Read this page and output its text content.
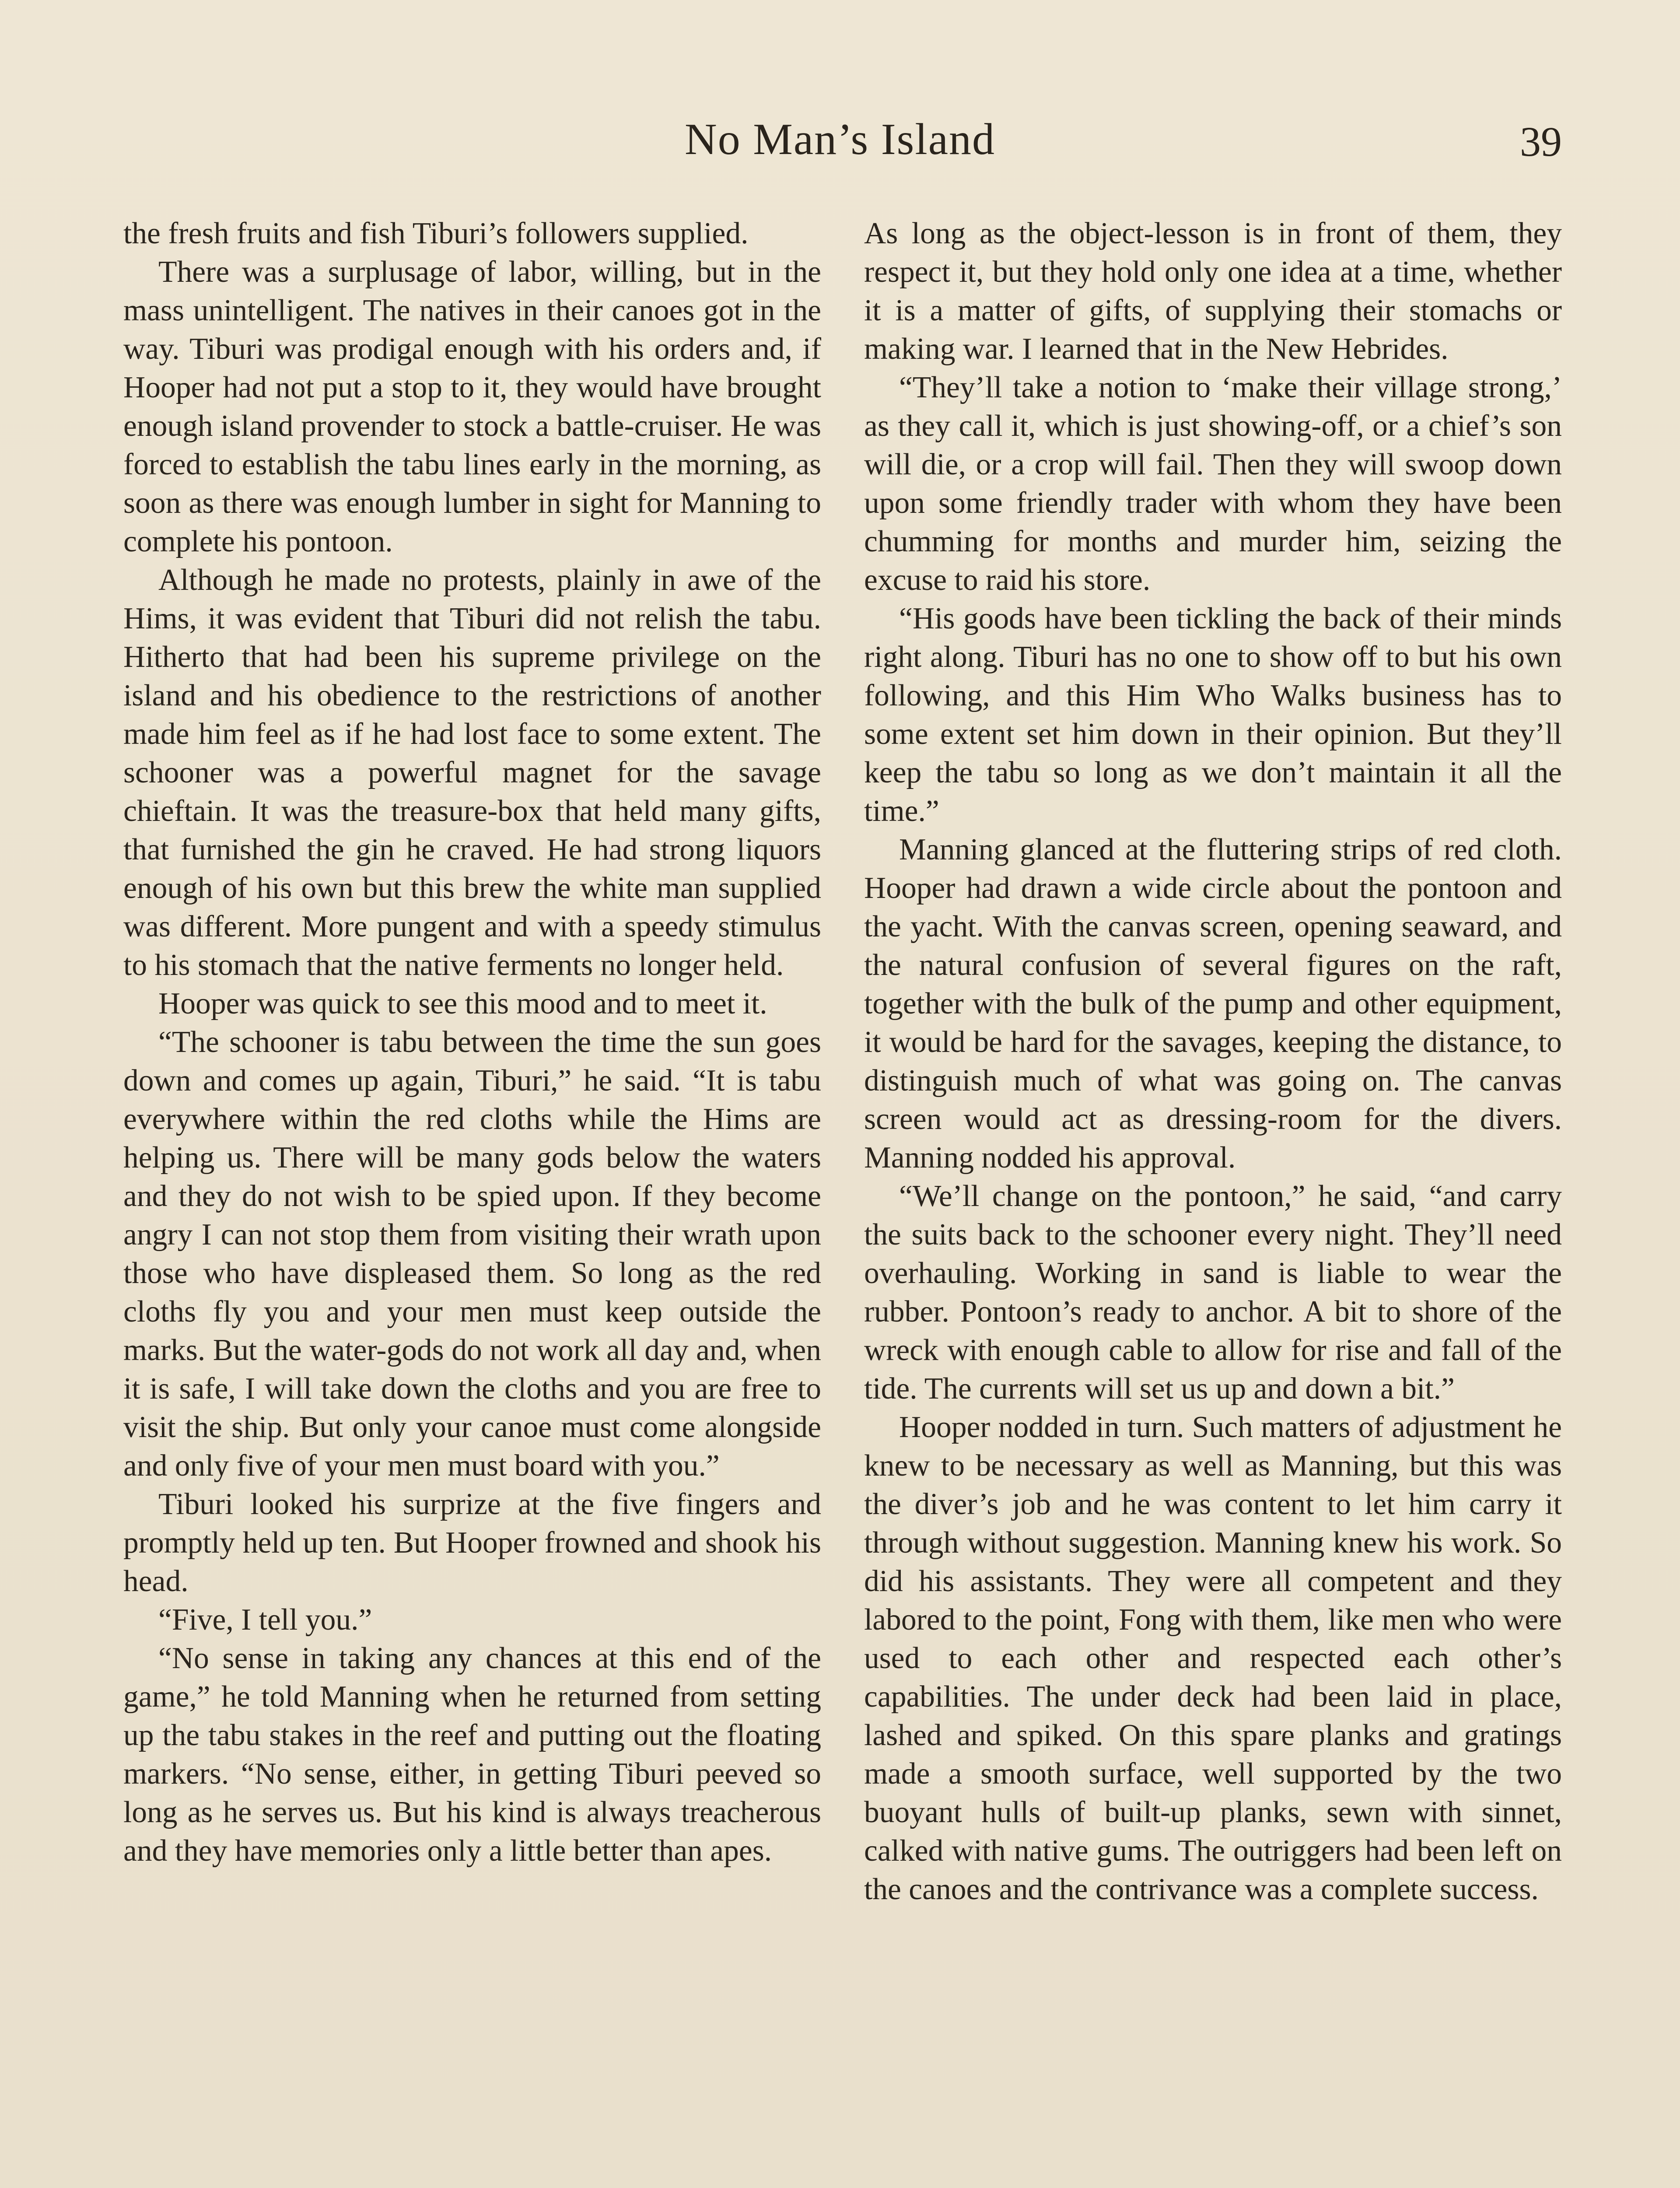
No Man’s Island	39

the fresh fruits and fish Tiburi’s followers supplied.

There was a surplusage of labor, willing, but in the mass unintelligent. The natives in their canoes got in the way. Tiburi was prodigal enough with his orders and, if Hooper had not put a stop to it, they would have brought enough island provender to stock a battle-cruiser. He was forced to establish the tabu lines early in the morning, as soon as there was enough lumber in sight for Manning to complete his pontoon.

Although he made no protests, plainly in awe of the Hims, it was evident that Tiburi did not relish the tabu. Hitherto that had been his supreme privilege on the island and his obedience to the restrictions of another made him feel as if he had lost face to some extent. The schooner was a powerful magnet for the savage chieftain. It was the treasure-box that held many gifts, that furnished the gin he craved. He had strong liquors enough of his own but this brew the white man supplied was different. More pungent and with a speedy stimulus to his stomach that the native ferments no longer held.

Hooper was quick to see this mood and to meet it.

“The schooner is tabu between the time the sun goes down and comes up again, Tiburi,” he said. “It is tabu everywhere within the red cloths while the Hims are helping us. There will be many gods below the waters and they do not wish to be spied upon. If they become angry I can not stop them from visiting their wrath upon those who have displeased them. So long as the red cloths fly you and your men must keep outside the marks. But the water-gods do not work all day and, when it is safe, I will take down the cloths and you are free to visit the ship. But only your canoe must come alongside and only five of your men must board with you.”

Tiburi looked his surprize at the five fingers and promptly held up ten. But Hooper frowned and shook his head.

“Five, I tell you.”

“No sense in taking any chances at this end of the game,” he told Manning when he returned from setting up the tabu stakes in the reef and putting out the floating markers. “No sense, either, in getting Tiburi peeved so long as he serves us. But his kind is always treacherous and they have memories only a little better than apes.

As long as the object-lesson is in front of them, they respect it, but they hold only one idea at a time, whether it is a matter of gifts, of supplying their stomachs or making war. I learned that in the New Hebrides.

“They’ll take a notion to ‘make their village strong,’ as they call it, which is just showing-off, or a chief’s son will die, or a crop will fail. Then they will swoop down upon some friendly trader with whom they have been chumming for months and murder him, seizing the excuse to raid his store.

“His goods have been tickling the back of their minds right along. Tiburi has no one to show off to but his own following, and this Him Who Walks business has to some extent set him down in their opinion. But they’ll keep the tabu so long as we don’t maintain it all the time.”

Manning glanced at the fluttering strips of red cloth. Hooper had drawn a wide circle about the pontoon and the yacht. With the canvas screen, opening seaward, and the natural confusion of several figures on the raft, together with the bulk of the pump and other equipment, it would be hard for the savages, keeping the distance, to distinguish much of what was going on. The canvas screen would act as dressing-room for the divers. Manning nodded his approval.

“We’ll change on the pontoon,” he said, “and carry the suits back to the schooner every night. They’ll need overhauling. Working in sand is liable to wear the rubber. Pontoon’s ready to anchor. A bit to shore of the wreck with enough cable to allow for rise and fall of the tide. The currents will set us up and down a bit.”

Hooper nodded in turn. Such matters of adjustment he knew to be necessary as well as Manning, but this was the diver’s job and he was content to let him carry it through without suggestion. Manning knew his work. So did his assistants. They were all competent and they labored to the point, Fong with them, like men who were used to each other and respected each other’s capabilities. The under deck had been laid in place, lashed and spiked. On this spare planks and gratings made a smooth surface, well supported by the two buoyant hulls of built-up planks, sewn with sinnet, calked with native gums. The outriggers had been left on the canoes and the contrivance was a complete success.
